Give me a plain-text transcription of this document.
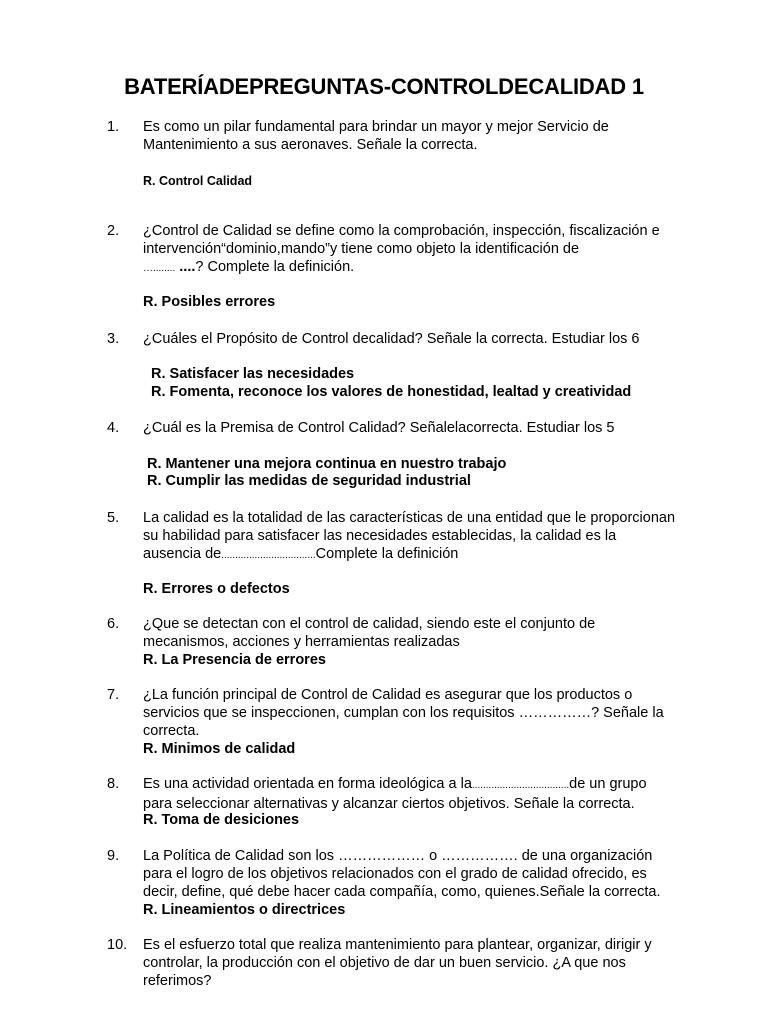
BATERÍADEPREGUNTAS-CONTROLDECALIDAD 1
1. Es como un pilar fundamental para brindar un mayor y mejor Servicio de
Mantenimiento a sus aeronaves. Señale la correcta.
R. Control Calidad
2. ¿Control de Calidad se define como la comprobación, inspección, fiscalización e
intervención“dominio,mando”y tiene como objeto la identificación de
…........ ....? Complete la definición.
R. Posibles errores
3. ¿Cuáles el Propósito de Control decalidad? Señale la correcta. Estudiar los 6
R. Satisfacer las necesidades
R. Fomenta, reconoce los valores de honestidad, lealtad y creatividad
4. ¿Cuál es la Premisa de Control Calidad? Señalelacorrecta. Estudiar los 5
R. Mantener una mejora continua en nuestro trabajo
R. Cumplir las medidas de seguridad industrial
5. La calidad es la totalidad de las características de una entidad que le proporcionan
su habilidad para satisfacer las necesidades establecidas, la calidad es la
ausencia de..................................Complete la definición
R. Errores o defectos
6. ¿Que se detectan con el control de calidad, siendo este el conjunto de
mecanismos, acciones y herramientas realizadas
R. La Presencia de errores
7. ¿La función principal de Control de Calidad es asegurar que los productos o
servicios que se inspeccionen, cumplan con los requisitos ……………? Señale la
correcta.
R. Minimos de calidad
8. Es una actividad orientada en forma ideológica a la...................................de un grupo
para seleccionar alternativas y alcanzar ciertos objetivos. Señale la correcta.
R. Toma de desiciones
9. La Política de Calidad son los ……………… o ……………. de una organización
para el logro de los objetivos relacionados con el grado de calidad ofrecido, es
decir, define, qué debe hacer cada compañía, como, quienes.Señale la correcta.
R. Lineamientos o directrices
10. Es el esfuerzo total que realiza mantenimiento para plantear, organizar, dirigir y
controlar, la producción con el objetivo de dar un buen servicio. ¿A que nos
referimos?
